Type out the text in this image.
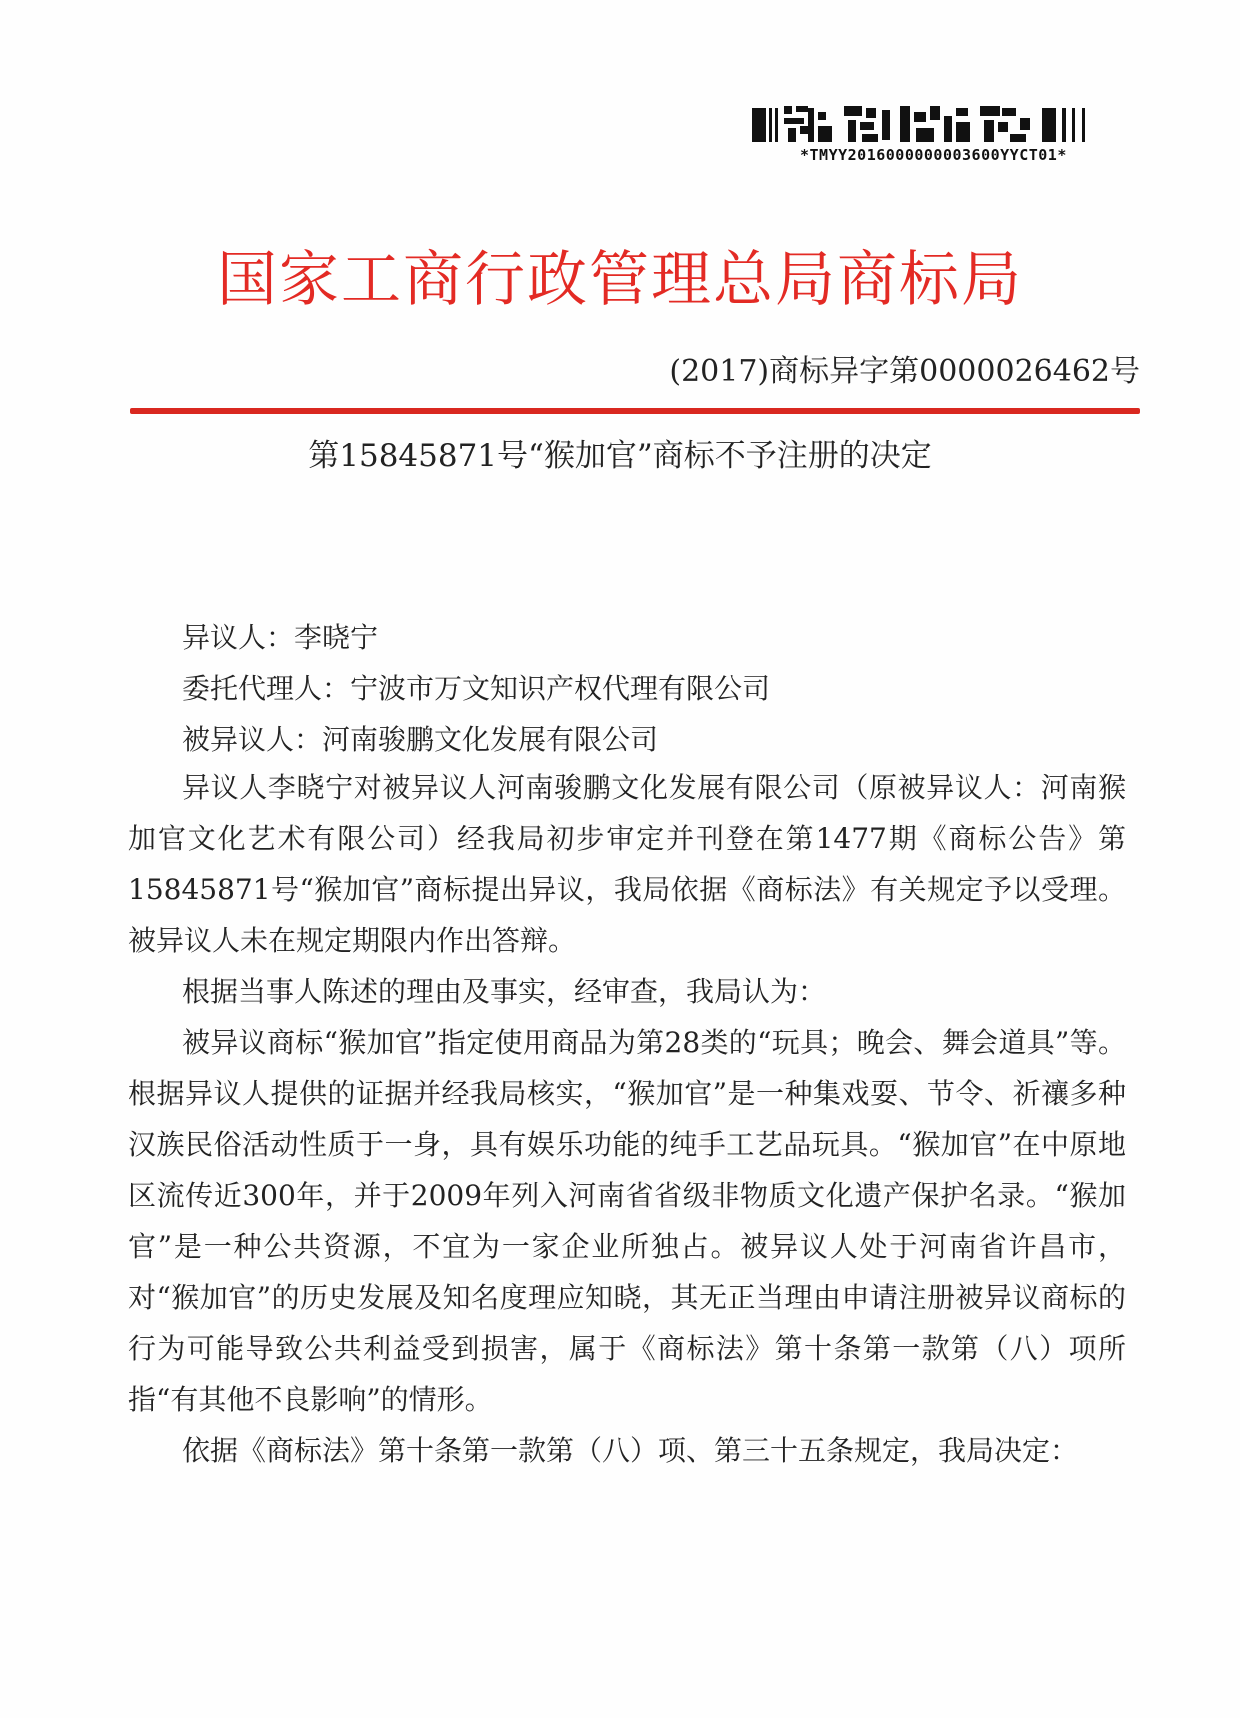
*TMYY2016000000003600YYCT01*
国家工商行政管理总局商标局
(2017)商标异字第0000026462号
第15845871号“猴加官”商标不予注册的决定
异议人：李晓宁
委托代理人：宁波市万文知识产权代理有限公司
被异议人：河南骏鹏文化发展有限公司
异议人李晓宁对被异议人河南骏鹏文化发展有限公司（原被异议人：河南猴加官文化艺术有限公司）经我局初步审定并刊登在第1477期《商标公告》第15845871号“猴加官”商标提出异议，我局依据《商标法》有关规定予以受理。被异议人未在规定期限内作出答辩。
根据当事人陈述的理由及事实，经审查，我局认为：
被异议商标“猴加官”指定使用商品为第28类的“玩具；晚会、舞会道具”等。根据异议人提供的证据并经我局核实，“猴加官”是一种集戏耍、节令、祈禳多种汉族民俗活动性质于一身，具有娱乐功能的纯手工艺品玩具。“猴加官”在中原地区流传近300年，并于2009年列入河南省省级非物质文化遗产保护名录。“猴加官”是一种公共资源，不宜为一家企业所独占。被异议人处于河南省许昌市，对“猴加官”的历史发展及知名度理应知晓，其无正当理由申请注册被异议商标的行为可能导致公共利益受到损害，属于《商标法》第十条第一款第（八）项所指“有其他不良影响”的情形。
依据《商标法》第十条第一款第（八）项、第三十五条规定，我局决定：
